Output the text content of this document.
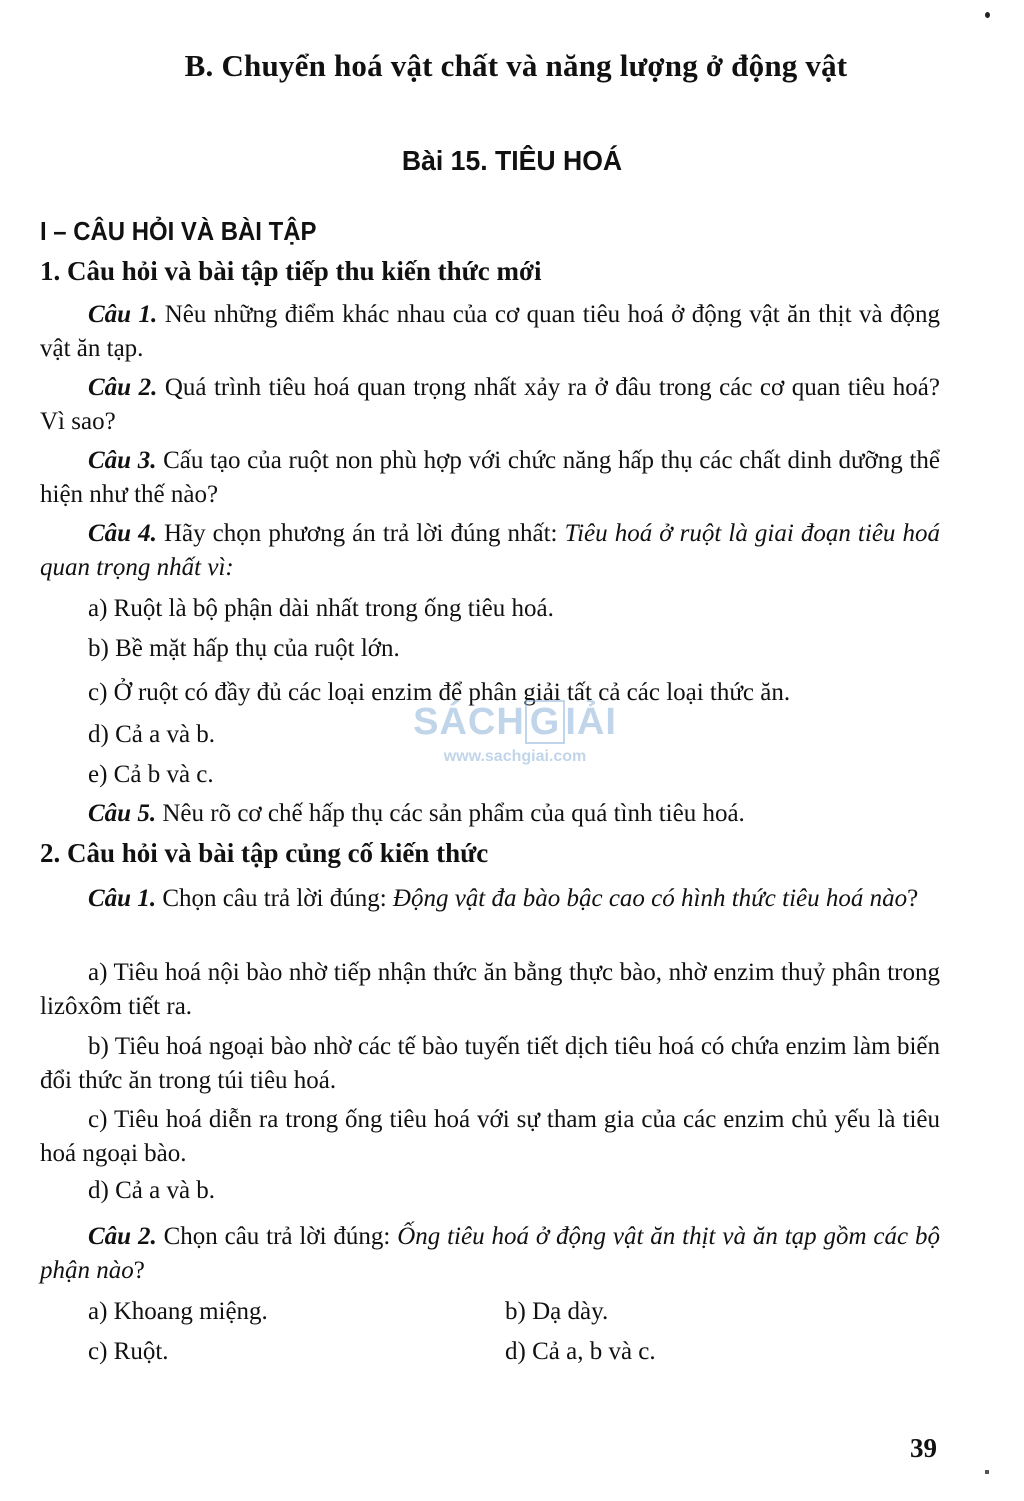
B. Chuyển hoá vật chất và năng lượng ở động vật
Bài 15. TIÊU HOÁ
I – CÂU HỎI VÀ BÀI TẬP
1. Câu hỏi và bài tập tiếp thu kiến thức mới
Câu 1. Nêu những điểm khác nhau của cơ quan tiêu hoá ở động vật ăn thịt và động vật ăn tạp.
Câu 2. Quá trình tiêu hoá quan trọng nhất xảy ra ở đâu trong các cơ quan tiêu hoá? Vì sao?
Câu 3. Cấu tạo của ruột non phù hợp với chức năng hấp thụ các chất dinh dưỡng thể hiện như thế nào?
Câu 4. Hãy chọn phương án trả lời đúng nhất: Tiêu hoá ở ruột là giai đoạn tiêu hoá quan trọng nhất vì:
a) Ruột là bộ phận dài nhất trong ống tiêu hoá.
b) Bề mặt hấp thụ của ruột lớn.
c) Ở ruột có đầy đủ các loại enzim để phân giải tất cả các loại thức ăn.
d) Cả a và b.
e) Cả b và c.
Câu 5. Nêu rõ cơ chế hấp thụ các sản phẩm của quá tình tiêu hoá.
2. Câu hỏi và bài tập củng cố kiến thức
Câu 1. Chọn câu trả lời đúng: Động vật đa bào bậc cao có hình thức tiêu hoá nào?
a) Tiêu hoá nội bào nhờ tiếp nhận thức ăn bằng thực bào, nhờ enzim thuỷ phân trong lizôxôm tiết ra.
b) Tiêu hoá ngoại bào nhờ các tế bào tuyến tiết dịch tiêu hoá có chứa enzim làm biến đổi thức ăn trong túi tiêu hoá.
c) Tiêu hoá diễn ra trong ống tiêu hoá với sự tham gia của các enzim chủ yếu là tiêu hoá ngoại bào.
d) Cả a và b.
Câu 2. Chọn câu trả lời đúng: Ống tiêu hoá ở động vật ăn thịt và ăn tạp gồm các bộ phận nào?
a) Khoang miệng.	b) Dạ dày.
c) Ruột.	d) Cả a, b và c.
SÁCH G IẢI
www.sachgiai.com
39
